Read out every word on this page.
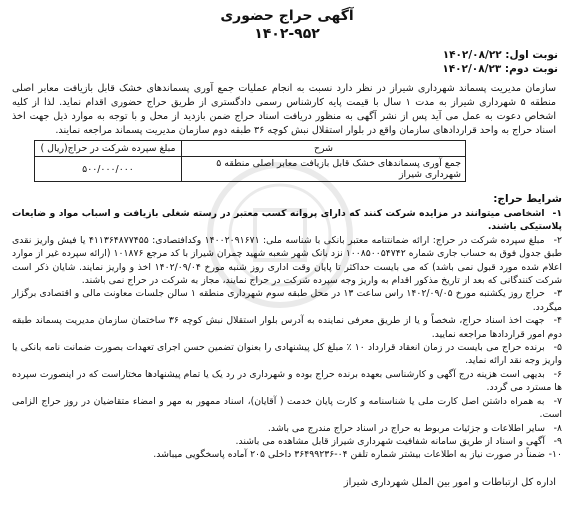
آگهی حراج حضوری
۱۴۰۲-۹۵۲
نوبت اول: ۱۴۰۲/۰۸/۲۲
نوبت دوم: ۱۴۰۲/۰۸/۲۳

سازمان مدیریت پسماند شهرداری شیراز در نظر دارد نسبت به انجام عملیات جمع آوری پسماندهای خشک قابل بازیافت معابر اصلی منطقه ۵ شهرداری شیراز به مدت ۱ سال با قیمت پایه کارشناس رسمی دادگستری از طریق حراج حضوری اقدام نماید. لذا از کلیه اشخاص دعوت به عمل می آید پس از نشر آگهی به منظور دریافت اسناد حراج ضمن بازدید از محل و با توجه به موارد ذیل جهت اخذ اسناد حراج به واحد قراردادهای سازمان واقع در بلوار استقلال نبش کوچه ۳۶ طبقه دوم سازمان مدیریت پسماند مراجعه نمایند.

شرح	مبلغ سپرده شرکت در حراج(ریال )
جمع آوری پسماندهای خشک قابل بازیافت معابر اصلی منطقه ۵ شهرداری شیراز	۵۰۰/۰۰۰/۰۰۰
شرایط حراج:
۱- اشخاصی میتوانند در مزایده شرکت کنند که دارای پروانه کسب معتبر در رسته شغلی بازیافت و اسباب مواد و ضایعات پلاستیکی باشند.
۲- مبلغ سپرده شرکت در حراج: ارائه ضمانتنامه معتبر بانکی با شناسه ملی: ۱۴۰۰۲۰۹۱۶۷۱ وکدافتصادی: ۴۱۱۳۶۴۸۷۷۴۵۵ یا فیش واریز نقدی طبق جدول فوق به حساب جاری شماره ۱۰۰۸۵۰۰۵۴۷۴۲ نزد بانک شهر شعبه شهید چمران شیراز با کد مرجع ۱۰۱۸۷۶ (ارائه سپرده غیر از موارد اعلام شده مورد قبول نمی باشد) که می بایست حداکثر تا پایان وقت اداری روز شنبه مورخ ۱۴۰۲/۰۹/۰۴ اخذ و واریز نمایند. شایان ذکر است شرکت کنندگانی که بعد از تاریخ مذکور اقدام به واریز وجه سپرده شرکت در حراج نمایند، مجاز به شرکت در حراج نمی باشند.
۳- حراج روز یکشنبه مورخ ۱۴۰۲/۰۹/۰۵ راس ساعت ۱۳ در محل طبقه سوم شهرداری منطقه ۱ سالن جلسات معاونت مالی و اقتصادی برگزار میگردد.
۴- جهت اخذ اسناد حراج، شخصاً و یا از طریق معرفی نماینده به آدرس بلوار استقلال نبش کوچه ۳۶ ساختمان سازمان مدیریت پسماند طبقه دوم امور قراردادها مراجعه نمایید.
۵- برنده حراج می بایست در زمان انعقاد قرارداد ۱۰ ٪ مبلغ کل پیشنهادی را بعنوان تضمین حسن اجرای تعهدات بصورت ضمانت نامه بانکی یا واریز وجه نقد ارائه نماید.
۶- بدیهی است هزینه درج آگهی و کارشناسی بعهده برنده حراج بوده و شهرداری در رد یک یا تمام پیشنهادها مختاراست که در اینصورت سپرده ها مسترد می گردد.
۷- به همراه داشتن اصل کارت ملی یا شناسنامه و کارت پایان خدمت ( آقایان)، اسناد ممهور به مهر و امضاء متقاضیان در روز حراج الزامی است.
۸- سایر اطلاعات و جزئیات مربوط به حراج در اسناد حراج مندرج می باشد.
۹- آگهی و اسناد از طریق سامانه شفافیت شهرداری شیراز قابل مشاهده می باشند.
۱۰- ضمناً در صورت نیاز به اطلاعات بیشتر شماره تلفن ۰۴-۳۶۴۹۹۲۳۶ داخلی ۲۰۵ آماده پاسخگویی میباشد.
اداره کل ارتباطات و امور بین الملل شهرداری شیراز
